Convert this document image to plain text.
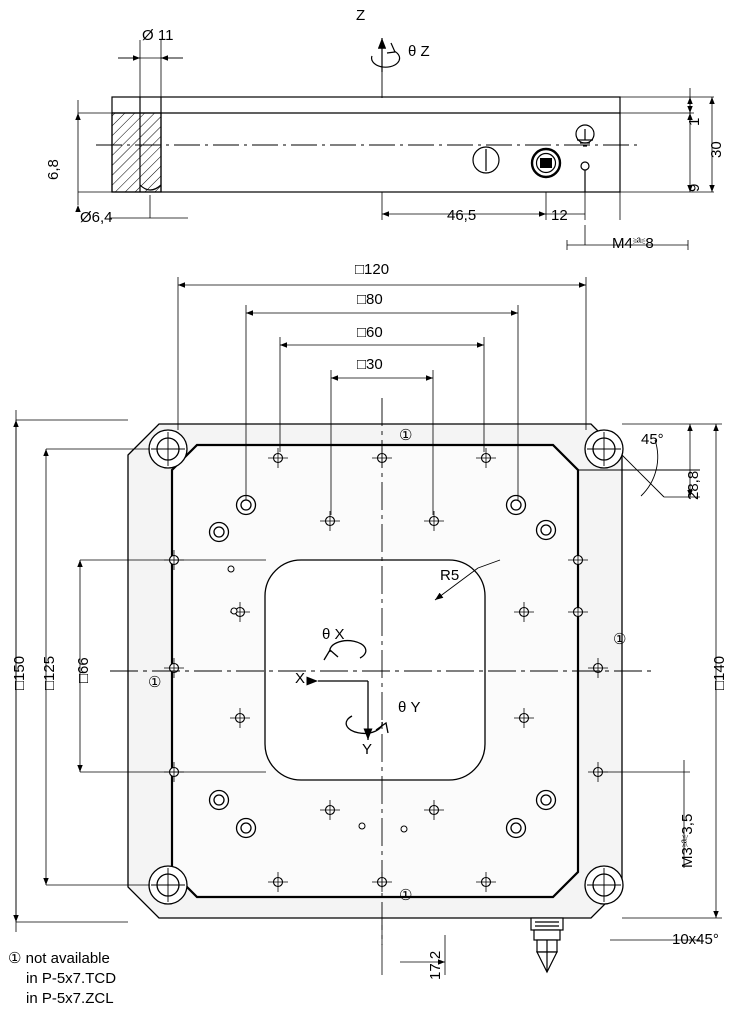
Ø 11
6,8
Ø6,4	46,5	12
M4⎃8
1
9
30
Z
θ Z
□120
□80
□60
□30
□150 □125 □66	□140
45°
28,8
R5
M3⎃3,5
10x45°
17,2
X
Y
θ X
θ Y
①
①
①
①
① not available
in P-5x7.TCD
in P-5x7.ZCL
